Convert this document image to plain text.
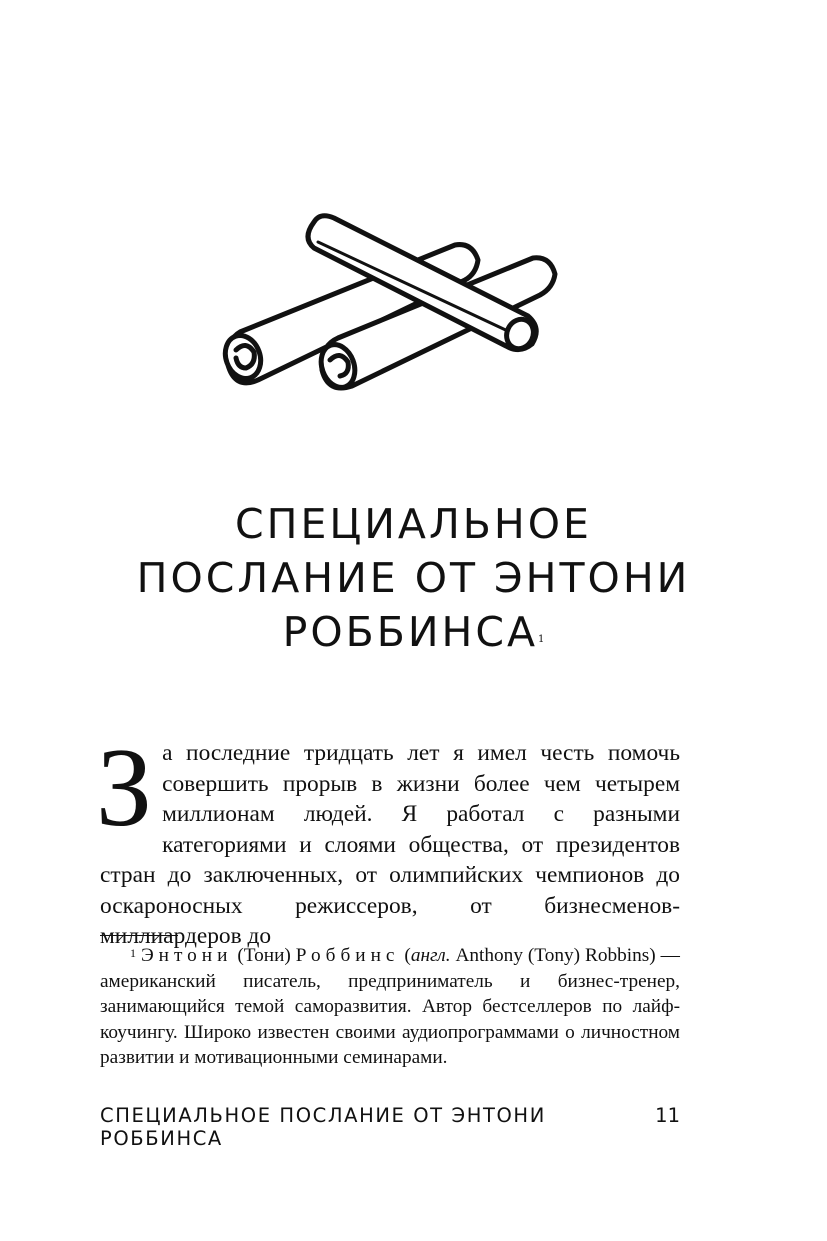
СПЕЦИАЛЬНОЕ
ПОСЛАНИЕ ОТ ЭНТОНИ
РОББИНСА$^1$

За последние тридцать лет я имел честь помочь совершить прорыв в жизни более чем четырем миллионам людей. Я работал с разными категориями и слоями общества, от президентов стран до заключенных, от олимпийских чемпионов до оскароносных режиссеров, от бизнесменов-миллиардеров до

$^1$ Энтони (Тони) Роббинс (англ. Anthony (Tony) Robbins) — американский писатель, предприниматель и бизнес-тренер, занимающийся темой саморазвития. Автор бестселлеров по лайф-коучингу. Широко известен своими аудиопрограммами о личностном развитии и мотивационными семинарами.

СПЕЦИАЛЬНОЕ ПОСЛАНИЕ ОТ ЭНТОНИ РОББИНСА
11
